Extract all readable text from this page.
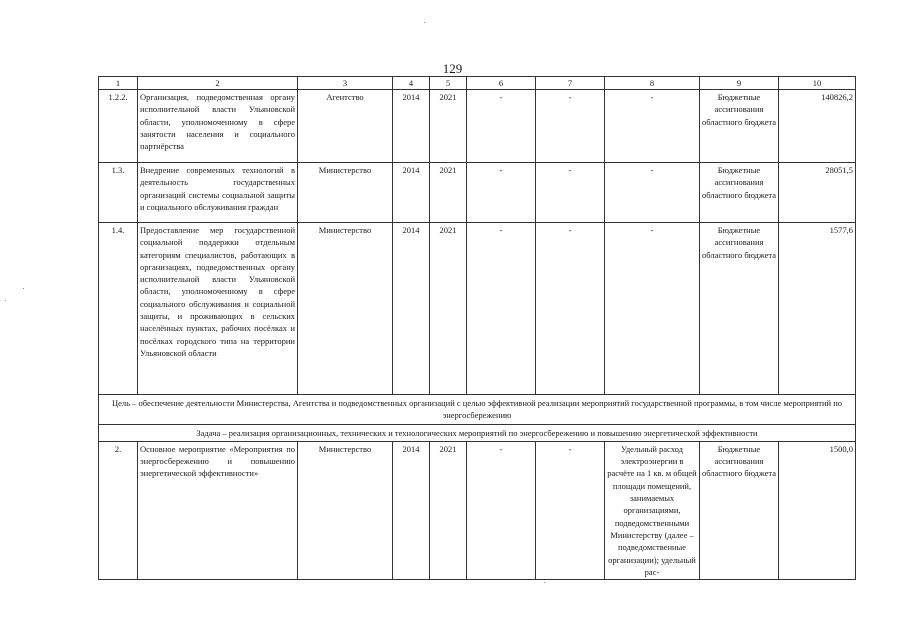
129
1	2	3	4	5	6	7	8	9	10
1.2.2.	Организация, подведомственная органу исполнительной власти Ульяновской области, уполномоченному в сфере занятости населения и социального партнёрства	Агентство	2014	2021	-	-	-	Бюджетные ассигнования областного бюджета	140826,2
1.3.	Внедрение современных технологий в деятельность государственных организаций системы социальной защиты и социального обслуживания граждан	Министерство	2014	2021	-	-	-	Бюджетные ассигнования областного бюджета	28051,5
1.4.	Предоставление мер государственной социальной поддержки отдельным категориям специалистов, работающих в организациях, подведомственных органу исполнительной власти Ульяновской области, уполномоченному в сфере социального обслуживания и социальной защиты, и проживающих в сельских населённых пунктах, рабочих посёлках и посёлках городского типа на территории Ульяновской области	Министерство	2014	2021	-	-	-	Бюджетные ассигнования областного бюджета	1577,6
Цель – обеспечение деятельности Министерства, Агентства и подведомственных организаций с целью эффективной реализации мероприятий государственной программы, в том числе мероприятий по энергосбережению									
Задача – реализация организационных, технических и технологических мероприятий по энергосбережению и повышению энергетической эффективности									
2.	Основное мероприятие «Мероприятия по энергосбережению и повышению энергетической эффективности»	Министерство	2014	2021	-	-	Удельный расход электроэнергии в расчёте на 1 кв. м общей площади помещений, занимаемых организациями, подведомственными Министерству (далее – подведомственные организации); удельный рас-	Бюджетные ассигнования областного бюджета	1500,0
